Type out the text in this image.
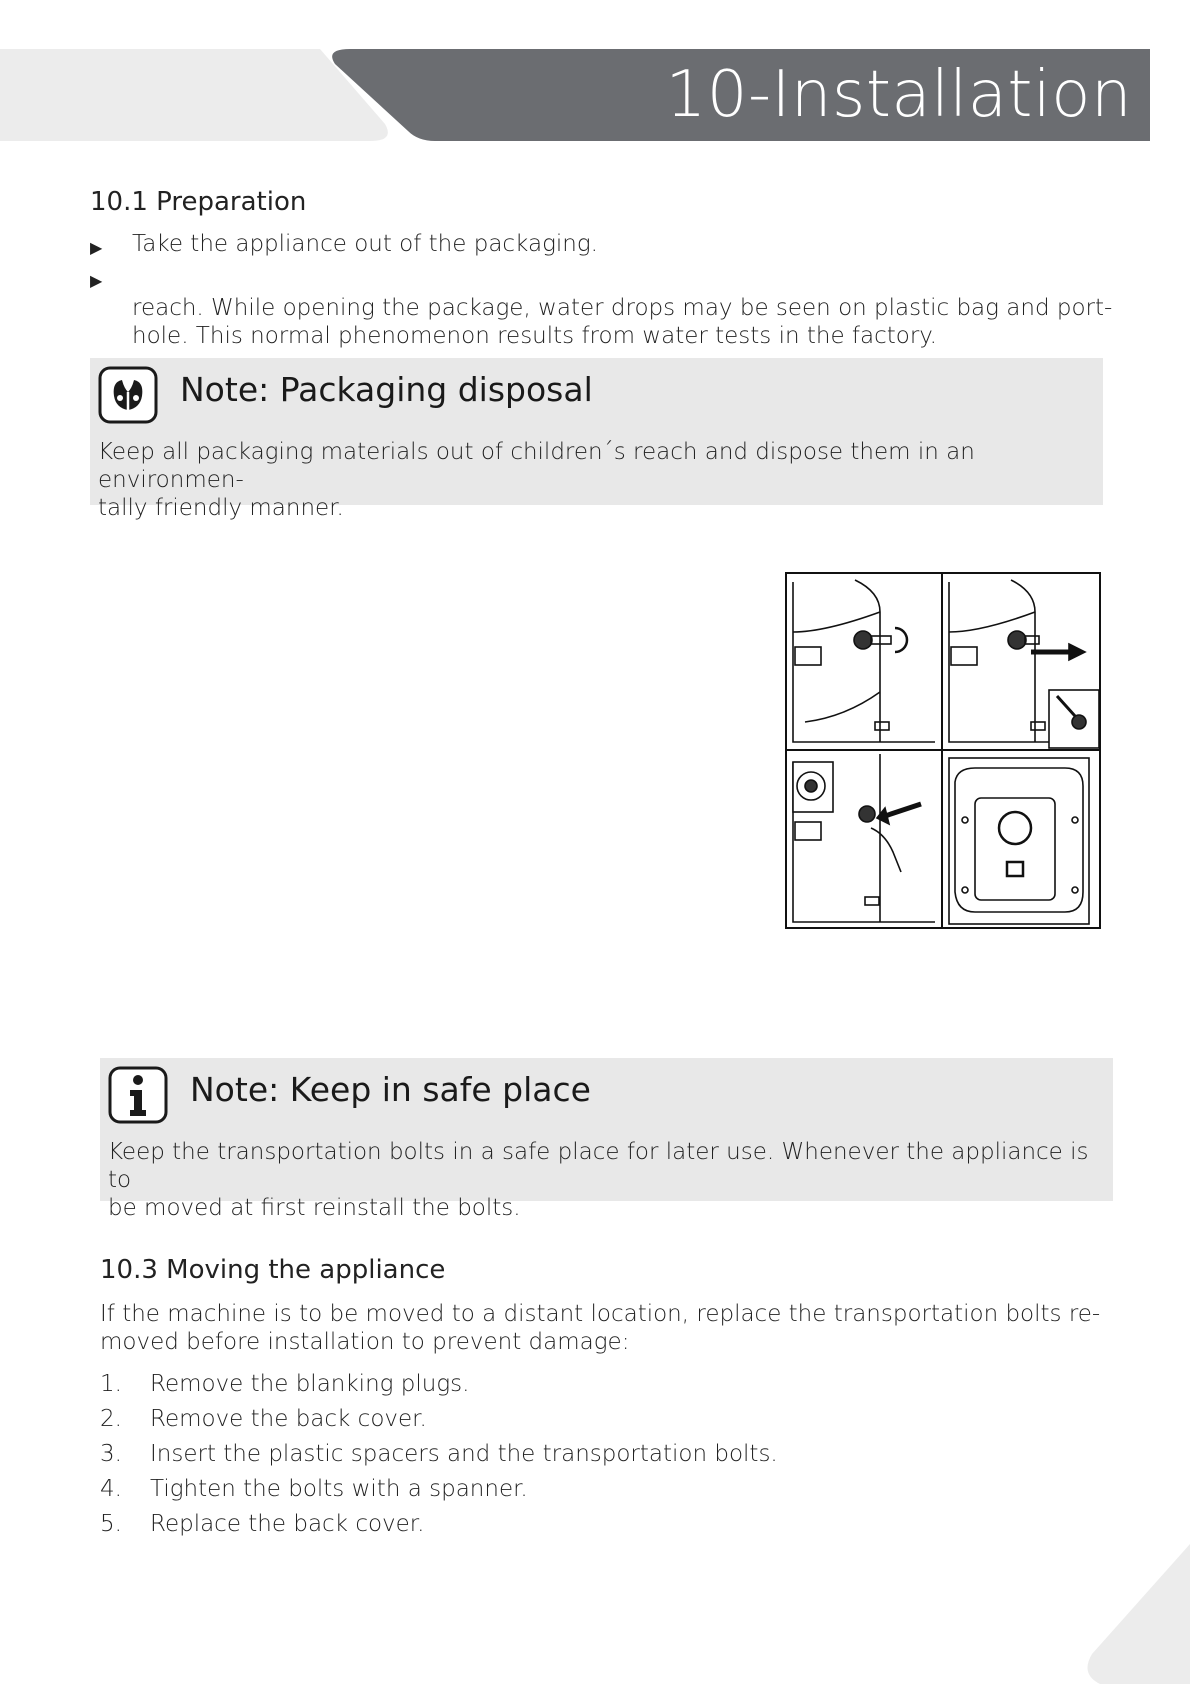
10-Installation
10.1 Preparation
▶ Take the appliance out of the packaging.
▶
reach. While opening the package, water drops may be seen on plastic bag and port-
hole. This normal phenomenon results from water tests in the factory.
Note: Packaging disposal
Keep all packaging materials out of children´s reach and dispose them in an environmen-
tally friendly manner.
Note: Keep in safe place
Keep the transportation bolts in a safe place for later use. Whenever the appliance is to
be moved at first reinstall the bolts.
10.3 Moving the appliance
If the machine is to be moved to a distant location, replace the transportation bolts re-
moved before installation to prevent damage:
1. Remove the blanking plugs.
2. Remove the back cover.
3. Insert the plastic spacers and the transportation bolts.
4. Tighten the bolts with a spanner.
5. Replace the back cover.
